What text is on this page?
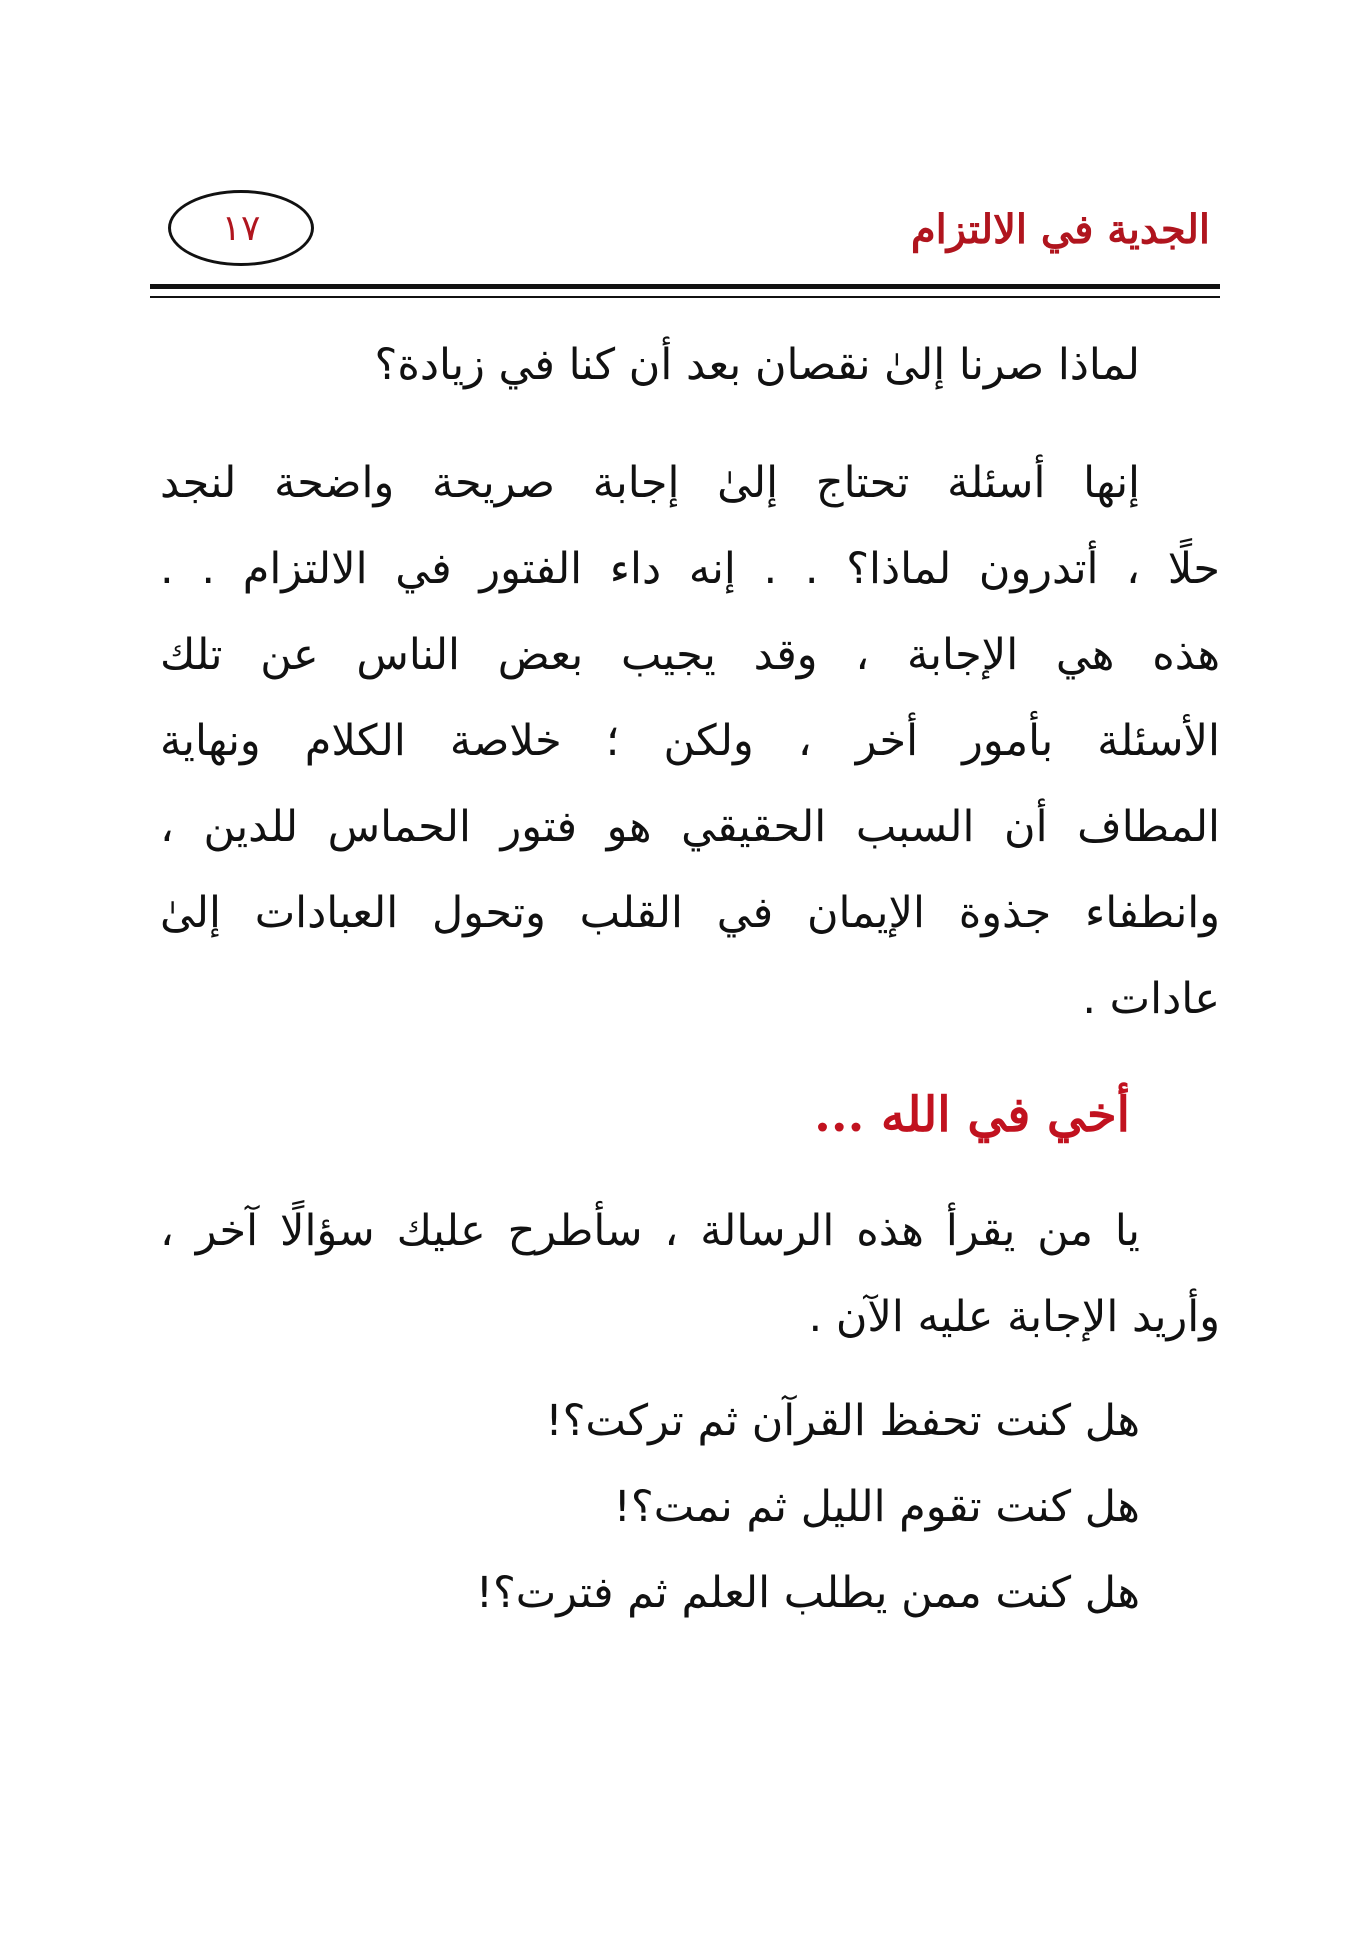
الجدية في الالتزام
١٧
لماذا صرنا إلىٰ نقصان بعد أن كنا في زيادة؟
إنها أسئلة تحتاج إلىٰ إجابة صريحة واضحة لنجد
حلًا ، أتدرون لماذا؟ . . إنه داء الفتور في الالتزام . .
هذه هي الإجابة ، وقد يجيب بعض الناس عن تلك
الأسئلة بأمور أخر ، ولكن ؛ خلاصة الكلام ونهاية
المطاف أن السبب الحقيقي هو فتور الحماس للدين ،
وانطفاء جذوة الإيمان في القلب وتحول العبادات إلىٰ
عادات .
أخي في الله ...
يا من يقرأ هذه الرسالة ، سأطرح عليك سؤالًا آخر ،
وأريد الإجابة عليه الآن .
هل كنت تحفظ القرآن ثم تركت؟!
هل كنت تقوم الليل ثم نمت؟!
هل كنت ممن يطلب العلم ثم فترت؟!
